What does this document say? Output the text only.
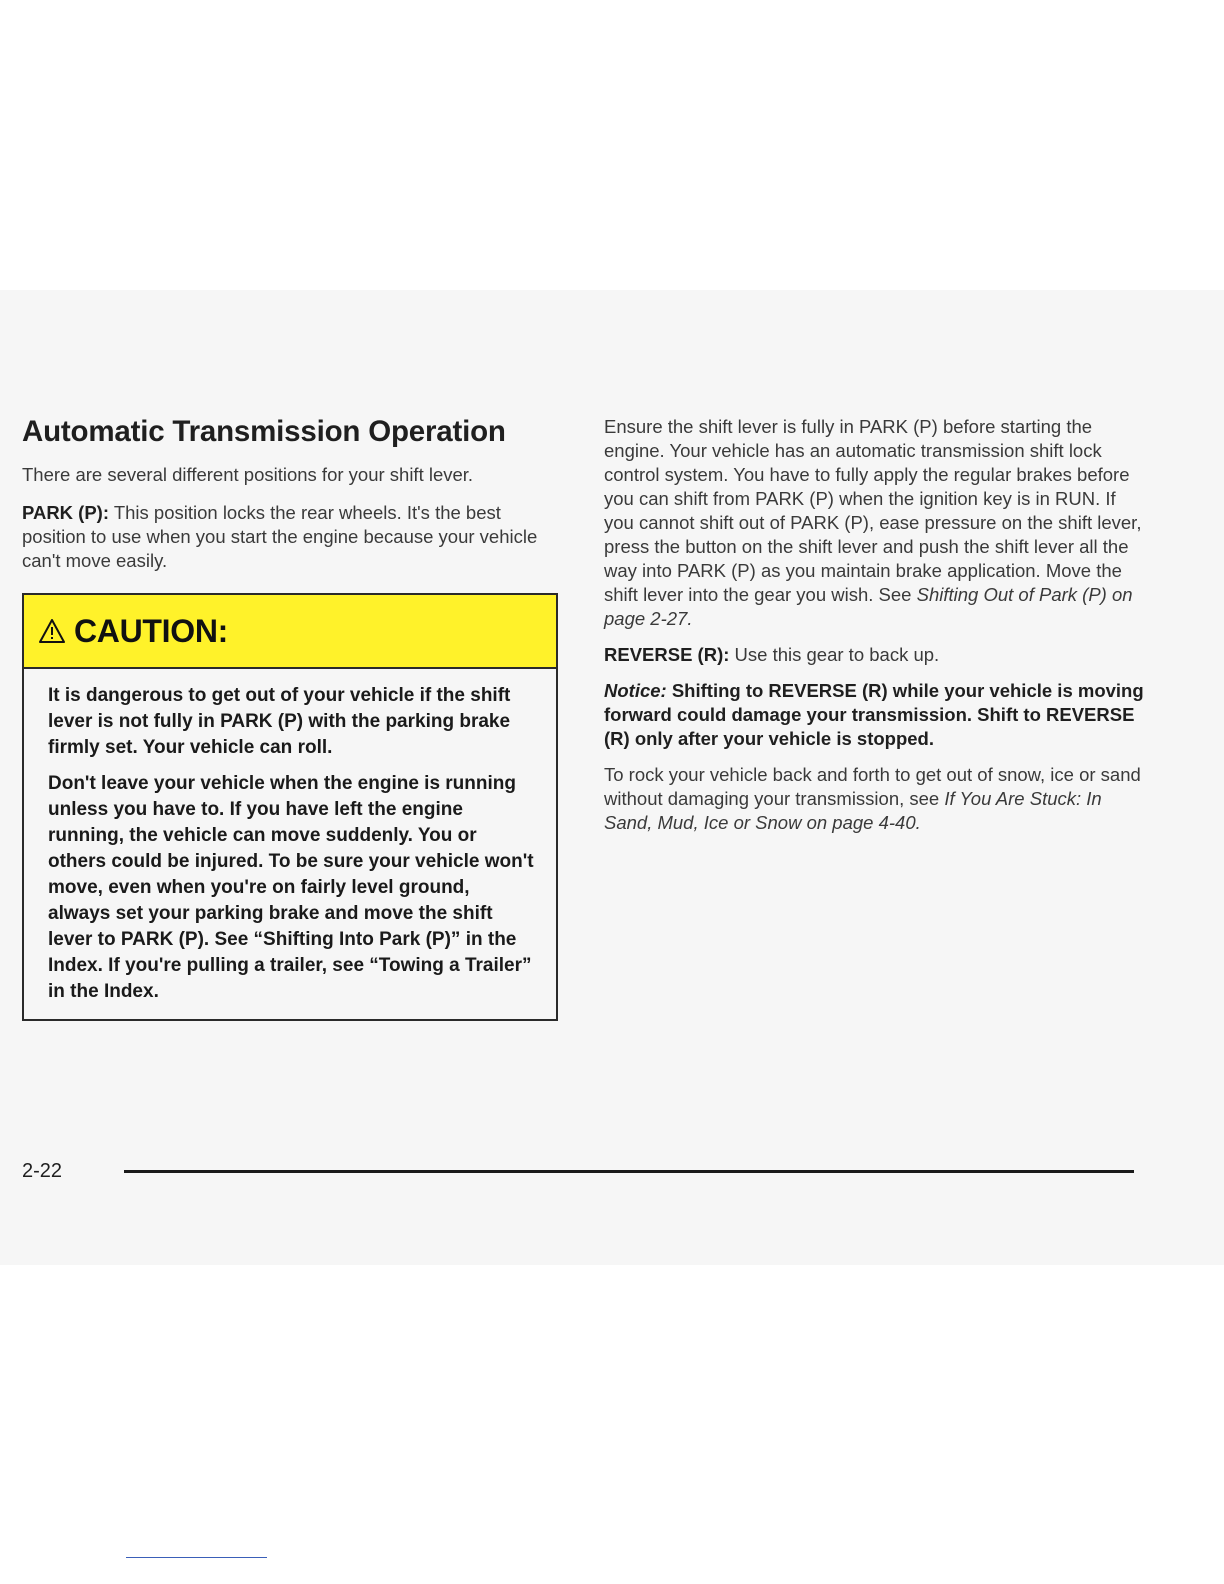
Automatic Transmission Operation

There are several different positions for your shift lever.

PARK (P): This position locks the rear wheels. It's the best position to use when you start the engine because your vehicle can't move easily.

CAUTION:

It is dangerous to get out of your vehicle if the shift lever is not fully in PARK (P) with the parking brake firmly set. Your vehicle can roll.

Don't leave your vehicle when the engine is running unless you have to. If you have left the engine running, the vehicle can move suddenly. You or others could be injured. To be sure your vehicle won't move, even when you're on fairly level ground, always set your parking brake and move the shift lever to PARK (P). See “Shifting Into Park (P)” in the Index. If you're pulling a trailer, see “Towing a Trailer” in the Index.

Ensure the shift lever is fully in PARK (P) before starting the engine. Your vehicle has an automatic transmission shift lock control system. You have to fully apply the regular brakes before you can shift from PARK (P) when the ignition key is in RUN. If you cannot shift out of PARK (P), ease pressure on the shift lever, press the button on the shift lever and push the shift lever all the way into PARK (P) as you maintain brake application. Move the shift lever into the gear you wish. See Shifting Out of Park (P) on page 2-27.

REVERSE (R): Use this gear to back up.

Notice: Shifting to REVERSE (R) while your vehicle is moving forward could damage your transmission. Shift to REVERSE (R) only after your vehicle is stopped.

To rock your vehicle back and forth to get out of snow, ice or sand without damaging your transmission, see If You Are Stuck: In Sand, Mud, Ice or Snow on page 4-40.

2-22
